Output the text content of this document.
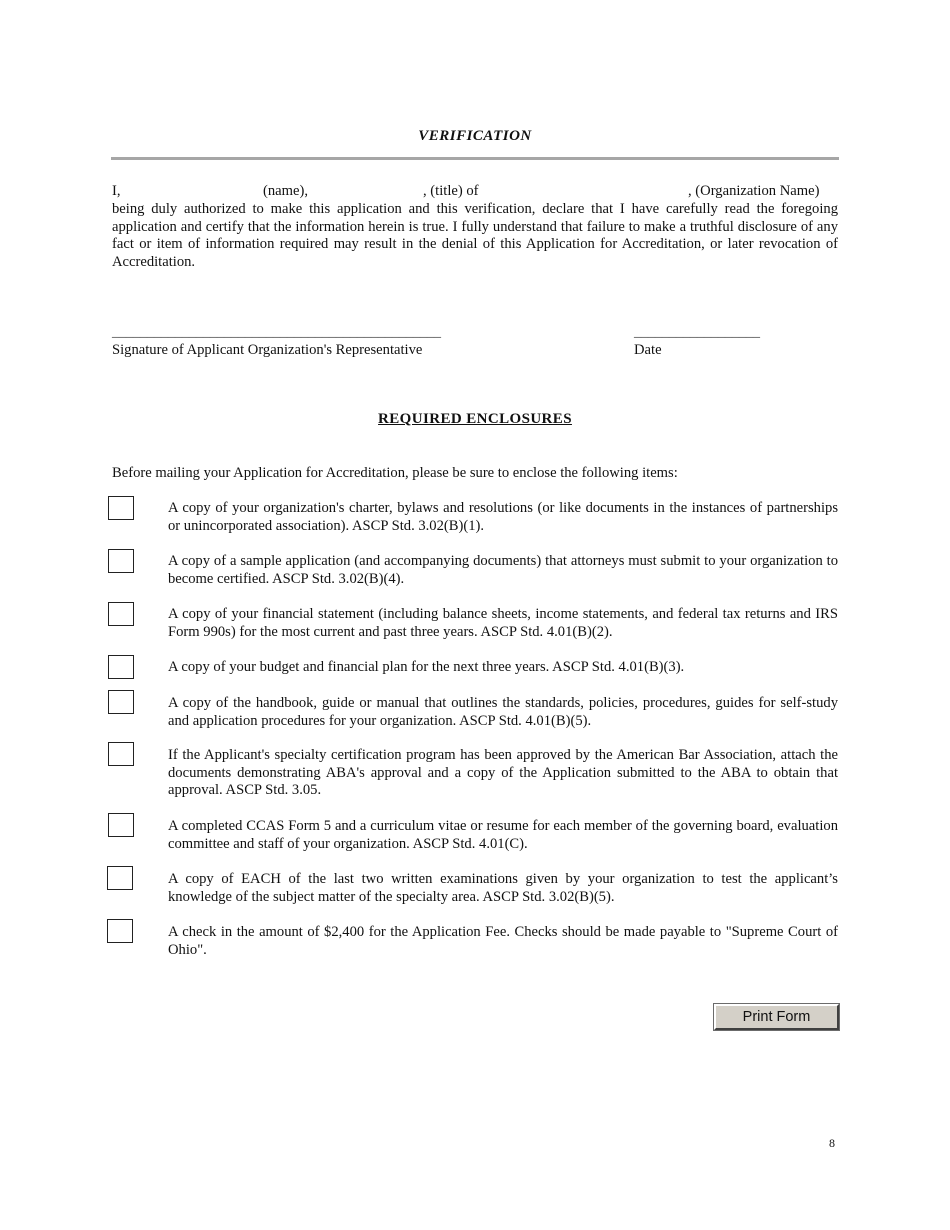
VERIFICATION
I,	(name),	, (title) of	, (Organization Name)
being duly authorized to make this application and this verification, declare that I have carefully read the foregoing application and certify that the information herein is true. I fully understand that failure to make a truthful disclosure of any fact or item of information required may result in the denial of this Application for Accreditation, or later revocation of Accreditation.
_______________________________________________
Signature of Applicant Organization's Representative
__________________
Date
REQUIRED ENCLOSURES
Before mailing your Application for Accreditation, please be sure to enclose the following items:
A copy of your organization's charter, bylaws and resolutions (or like documents in the instances of partnerships or unincorporated association). ASCP Std. 3.02(B)(1).
A copy of a sample application (and accompanying documents) that attorneys must submit to your organization to become certified. ASCP Std. 3.02(B)(4).
A copy of your financial statement (including balance sheets, income statements, and federal tax returns and IRS Form 990s) for the most current and past three years. ASCP Std. 4.01(B)(2).
A copy of your budget and financial plan for the next three years. ASCP Std. 4.01(B)(3).
A copy of the handbook, guide or manual that outlines the standards, policies, procedures, guides for self-study and application procedures for your organization. ASCP Std. 4.01(B)(5).
If the Applicant's specialty certification program has been approved by the American Bar Association, attach the documents demonstrating ABA's approval and a copy of the Application submitted to the ABA to obtain that approval. ASCP Std. 3.05.
A completed CCAS Form 5 and a curriculum vitae or resume for each member of the governing board, evaluation committee and staff of your organization. ASCP Std. 4.01(C).
A copy of EACH of the last two written examinations given by your organization to test the applicant’s knowledge of the subject matter of the specialty area. ASCP Std. 3.02(B)(5).
A check in the amount of $2,400 for the Application Fee. Checks should be made payable to "Supreme Court of Ohio".
Print Form
8
